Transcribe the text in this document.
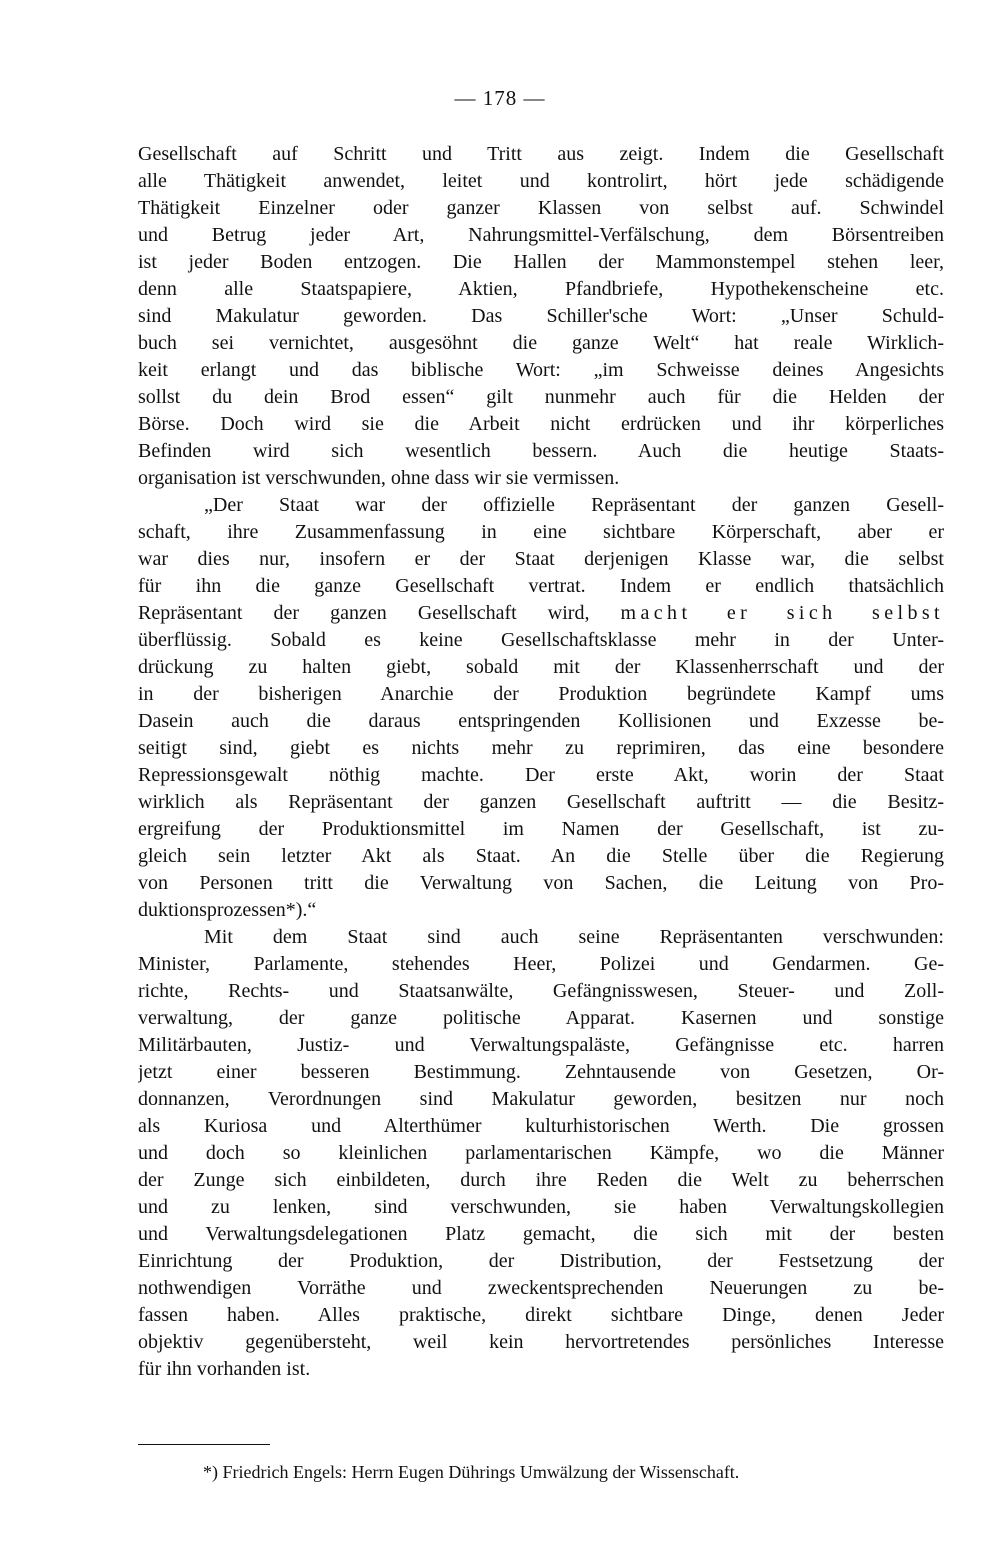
— 178 —
Gesellschaft auf Schritt und Tritt aus zeigt. Indem die Gesellschaft
alle Thätigkeit anwendet, leitet und kontrolirt, hört jede schädigende
Thätigkeit Einzelner oder ganzer Klassen von selbst auf. Schwindel
und Betrug jeder Art, Nahrungsmittel-Verfälschung, dem Börsentreiben
ist jeder Boden entzogen. Die Hallen der Mammonstempel stehen leer,
denn alle Staatspapiere, Aktien, Pfandbriefe, Hypothekenscheine etc.
sind Makulatur geworden. Das Schiller'sche Wort: „Unser Schuld-
buch sei vernichtet, ausgesöhnt die ganze Welt“ hat reale Wirklich-
keit erlangt und das biblische Wort: „im Schweisse deines Angesichts
sollst du dein Brod essen“ gilt nunmehr auch für die Helden der
Börse. Doch wird sie die Arbeit nicht erdrücken und ihr körperliches
Befinden wird sich wesentlich bessern. Auch die heutige Staats-
organisation ist verschwunden, ohne dass wir sie vermissen.
„Der Staat war der offizielle Repräsentant der ganzen Gesell-
schaft, ihre Zusammenfassung in eine sichtbare Körperschaft, aber er
war dies nur, insofern er der Staat derjenigen Klasse war, die selbst
für ihn die ganze Gesellschaft vertrat. Indem er endlich thatsächlich
Repräsentant der ganzen Gesellschaft wird, macht er sich selbst
überflüssig. Sobald es keine Gesellschaftsklasse mehr in der Unter-
drückung zu halten giebt, sobald mit der Klassenherrschaft und der
in der bisherigen Anarchie der Produktion begründete Kampf ums
Dasein auch die daraus entspringenden Kollisionen und Exzesse be-
seitigt sind, giebt es nichts mehr zu reprimiren, das eine besondere
Repressionsgewalt nöthig machte. Der erste Akt, worin der Staat
wirklich als Repräsentant der ganzen Gesellschaft auftritt — die Besitz-
ergreifung der Produktionsmittel im Namen der Gesellschaft, ist zu-
gleich sein letzter Akt als Staat. An die Stelle über die Regierung
von Personen tritt die Verwaltung von Sachen, die Leitung von Pro-
duktionsprozessen*).“
Mit dem Staat sind auch seine Repräsentanten verschwunden:
Minister, Parlamente, stehendes Heer, Polizei und Gendarmen. Ge-
richte, Rechts- und Staatsanwälte, Gefängnisswesen, Steuer- und Zoll-
verwaltung, der ganze politische Apparat. Kasernen und sonstige
Militärbauten, Justiz- und Verwaltungspaläste, Gefängnisse etc. harren
jetzt einer besseren Bestimmung. Zehntausende von Gesetzen, Or-
donnanzen, Verordnungen sind Makulatur geworden, besitzen nur noch
als Kuriosa und Alterthümer kulturhistorischen Werth. Die grossen
und doch so kleinlichen parlamentarischen Kämpfe, wo die Männer
der Zunge sich einbildeten, durch ihre Reden die Welt zu beherrschen
und zu lenken, sind verschwunden, sie haben Verwaltungskollegien
und Verwaltungsdelegationen Platz gemacht, die sich mit der besten
Einrichtung der Produktion, der Distribution, der Festsetzung der
nothwendigen Vorräthe und zweckentsprechenden Neuerungen zu be-
fassen haben. Alles praktische, direkt sichtbare Dinge, denen Jeder
objektiv gegenübersteht, weil kein hervortretendes persönliches Interesse
für ihn vorhanden ist.
*) Friedrich Engels: Herrn Eugen Dührings Umwälzung der Wissenschaft.
